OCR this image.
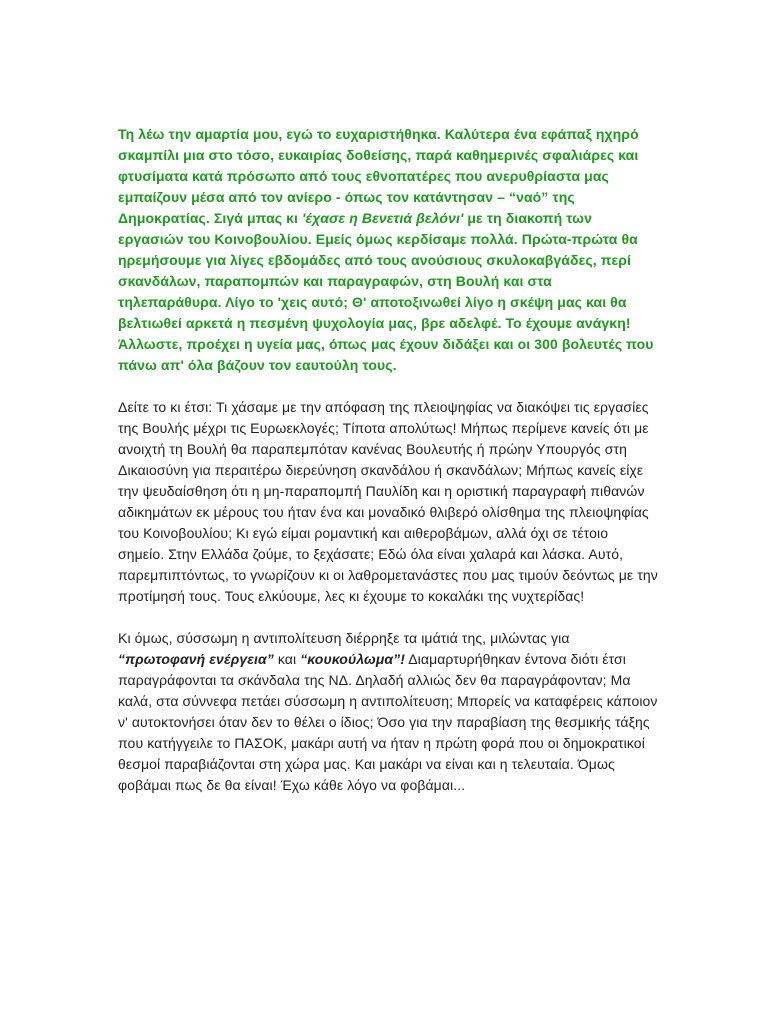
Τη λέω την αμαρτία μου, εγώ το ευχαριστήθηκα. Καλύτερα ένα εφάπαξ ηχηρό σκαμπίλι μια στο τόσο, ευκαιρίας δοθείσης, παρά καθημερινές σφαλιάρες και φτυσίματα κατά πρόσωπο από τους εθνοπατέρες που ανερυθρίαστα μας εμπαίζουν μέσα από τον ανίερο - όπως τον κατάντησαν – “ναό” της Δημοκρατίας. Σιγά μπας κι 'έχασε η Βενετιά βελόνι' με τη διακοπή των εργασιών του Κοινοβουλίου. Εμείς όμως κερδίσαμε πολλά. Πρώτα-πρώτα θα ηρεμήσουμε για λίγες εβδομάδες από τους ανούσιους σκυλοκαβγάδες, περί σκανδάλων, παραπομπών και παραγραφών, στη Βουλή και στα τηλεπαράθυρα. Λίγο το 'χεις αυτό; Θ' αποτοξινωθεί λίγο η σκέψη μας και θα βελτιωθεί αρκετά η πεσμένη ψυχολογία μας, βρε αδελφέ. Το έχουμε ανάγκη! Άλλωστε, προέχει η υγεία μας, όπως μας έχουν διδάξει και οι 300 βολευτές που πάνω απ' όλα βάζουν τον εαυτούλη τους.

Δείτε το κι έτσι: Τι χάσαμε με την απόφαση της πλειοψηφίας να διακόψει τις εργασίες της Βουλής μέχρι τις Ευρωεκλογές; Τίποτα απολύτως! Μήπως περίμενε κανείς ότι με ανοιχτή τη Βουλή θα παραπεμπόταν κανένας Βουλευτής ή πρώην Υπουργός στη Δικαιοσύνη για περαιτέρω διερεύνηση σκανδάλου ή σκανδάλων; Μήπως κανείς είχε την ψευδαίσθηση ότι η μη-παραπομπή Παυλίδη και η οριστική παραγραφή πιθανών αδικημάτων εκ μέρους του ήταν ένα και μοναδικό θλιβερό ολίσθημα της πλειοψηφίας του Κοινοβουλίου; Κι εγώ είμαι ρομαντική και αιθεροβάμων, αλλά όχι σε τέτοιο σημείο. Στην Ελλάδα ζούμε, το ξεχάσατε; Εδώ όλα είναι χαλαρά και λάσκα. Αυτό, παρεμπιπτόντως, το γνωρίζουν κι οι λαθρομετανάστες που μας τιμούν δεόντως με την προτίμησή τους. Τους ελκύουμε, λες κι έχουμε το κοκαλάκι της νυχτερίδας!

Κι όμως, σύσσωμη η αντιπολίτευση διέρρηξε τα ιμάτιά της, μιλώντας για “πρωτοφανή ενέργεια” και “κουκούλωμα”! Διαμαρτυρήθηκαν έντονα διότι έτσι παραγράφονται τα σκάνδαλα της ΝΔ. Δηλαδή αλλιώς δεν θα παραγράφονταν; Μα καλά, στα σύννεφα πετάει σύσσωμη η αντιπολίτευση; Μπορείς να καταφέρεις κάποιον ν' αυτοκτονήσει όταν δεν το θέλει ο ίδιος; Όσο για την παραβίαση της θεσμικής τάξης που κατήγγειλε το ΠΑΣΟΚ, μακάρι αυτή να ήταν η πρώτη φορά που οι δημοκρατικοί θεσμοί παραβιάζονται στη χώρα μας. Και μακάρι να είναι και η τελευταία. Όμως φοβάμαι πως δε θα είναι! Έχω κάθε λόγο να φοβάμαι...
